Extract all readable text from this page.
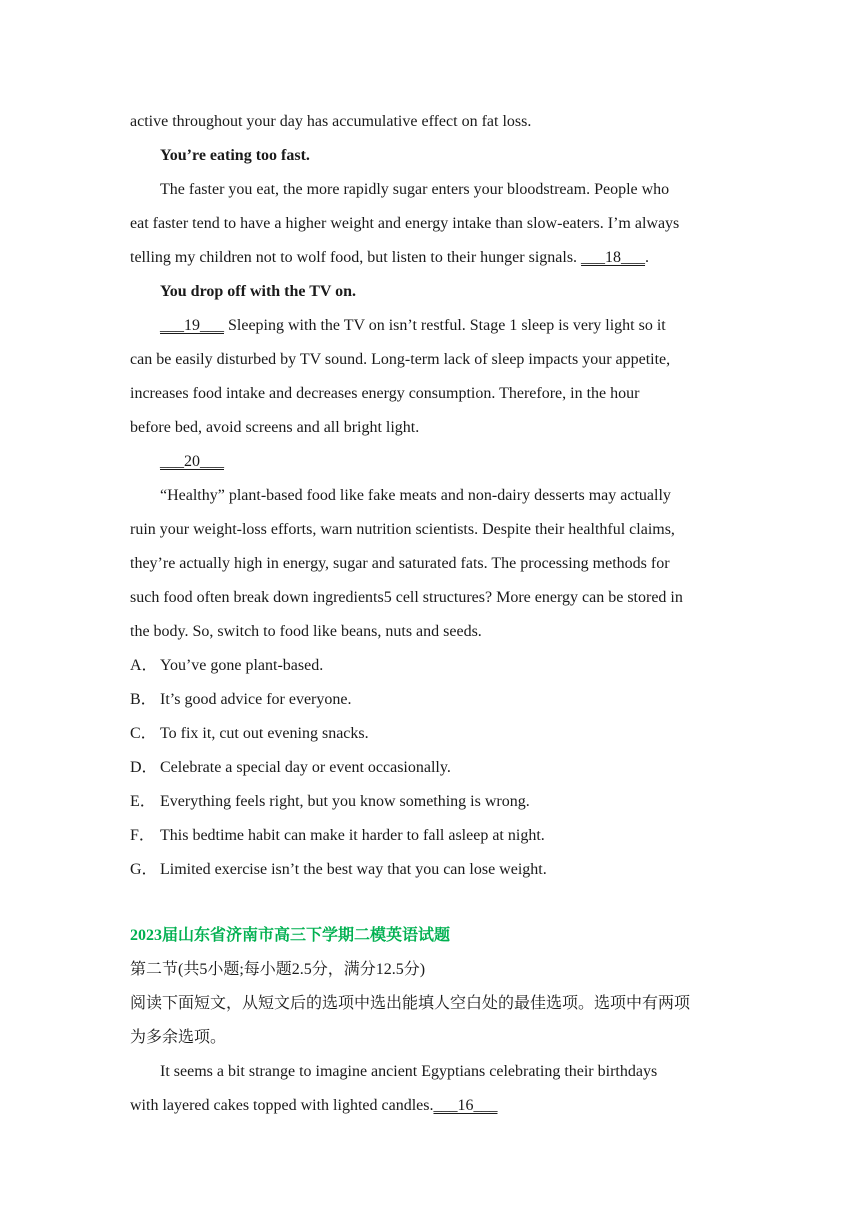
active throughout your day has accumulative effect on fat loss.
You’re eating too fast.
The faster you eat, the more rapidly sugar enters your bloodstream. People who
eat faster tend to have a higher weight and energy intake than slow-eaters. I’m always
telling my children not to wolf food, but listen to their hunger signals. ___18___.
You drop off with the TV on.
___19___ Sleeping with the TV on isn’t restful. Stage 1 sleep is very light so it
can be easily disturbed by TV sound. Long-term lack of sleep impacts your appetite,
increases food intake and decreases energy consumption. Therefore, in the hour
before bed, avoid screens and all bright light.
___20___
“Healthy” plant-based food like fake meats and non-dairy desserts may actually
ruin your weight-loss efforts, warn nutrition scientists. Despite their healthful claims,
they’re actually high in energy, sugar and saturated fats. The processing methods for
such food often break down ingredients5 cell structures? More energy can be stored in
the body. So, switch to food like beans, nuts and seeds.
A． You’ve gone plant-based.
B． It’s good advice for everyone.
C． To fix it, cut out evening snacks.
D． Celebrate a special day or event occasionally.
E． Everything feels right, but you know something is wrong.
F． This bedtime habit can make it harder to fall asleep at night.
G． Limited exercise isn’t the best way that you can lose weight.
2023届山东省济南市高三下学期二模英语试题
第二节(共5小题;每小题2.5分，满分12.5分)
阅读下面短文，从短文后的选项中选出能填人空白处的最佳选项。选项中有两项
为多余选项。
It seems a bit strange to imagine ancient Egyptians celebrating their birthdays
with layered cakes topped with lighted candles.___16___
